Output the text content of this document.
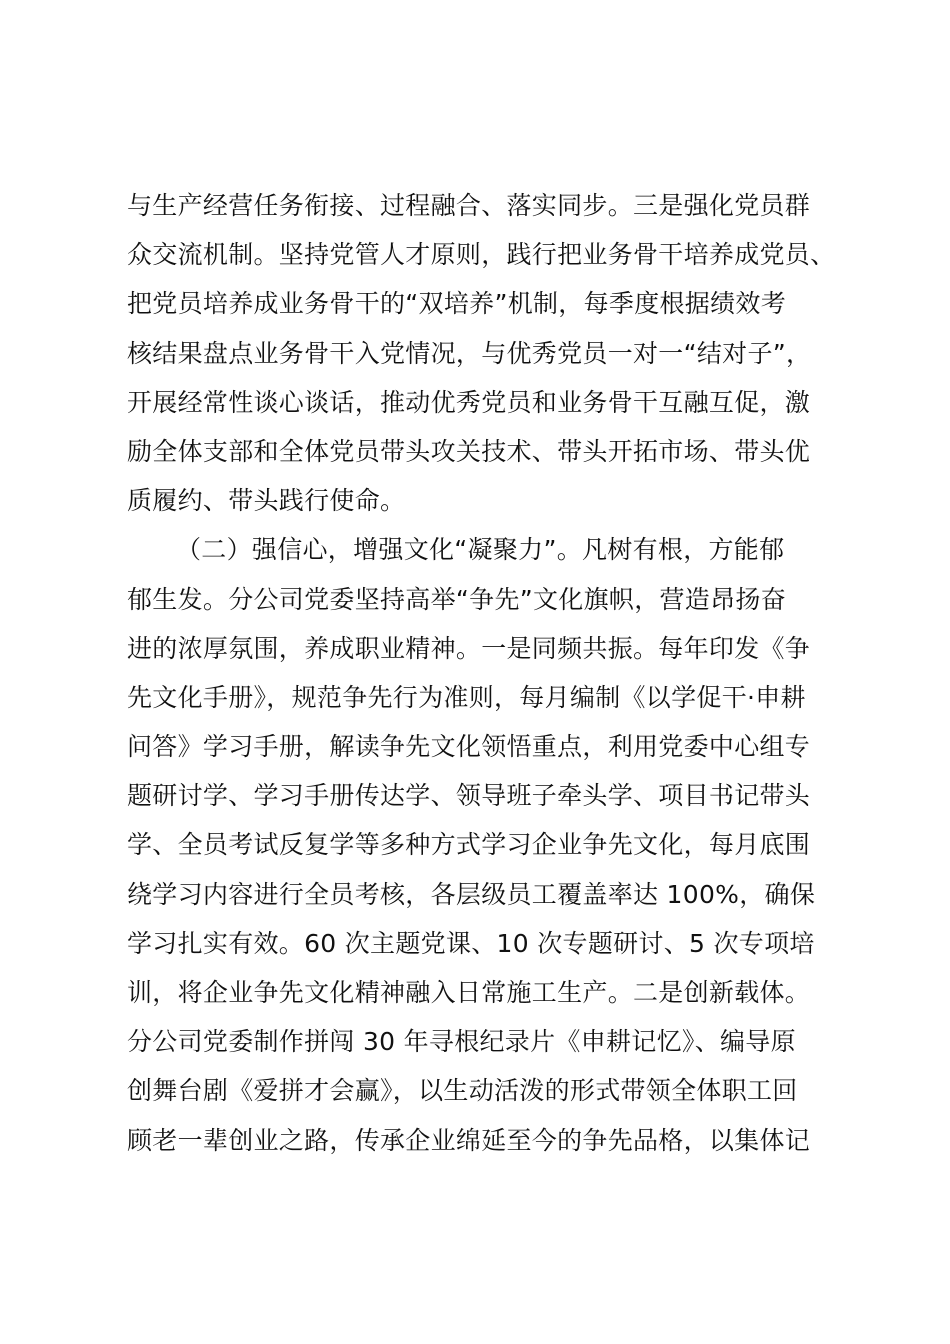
与生产经营任务衔接、过程融合、落实同步。三是强化党员群
众交流机制。坚持党管人才原则，践行把业务骨干培养成党员、
把党员培养成业务骨干的“双培养”机制，每季度根据绩效考
核结果盘点业务骨干入党情况，与优秀党员一对一“结对子”，
开展经常性谈心谈话，推动优秀党员和业务骨干互融互促，激
励全体支部和全体党员带头攻关技术、带头开拓市场、带头优
质履约、带头践行使命。
（二）强信心，增强文化“凝聚力”。凡树有根，方能郁
郁生发。分公司党委坚持高举“争先”文化旗帜，营造昂扬奋
进的浓厚氛围，养成职业精神。一是同频共振。每年印发《争
先文化手册》，规范争先行为准则，每月编制《以学促干·申耕
问答》学习手册，解读争先文化领悟重点，利用党委中心组专
题研讨学、学习手册传达学、领导班子牵头学、项目书记带头
学、全员考试反复学等多种方式学习企业争先文化，每月底围
绕学习内容进行全员考核，各层级员工覆盖率达 100%，确保
学习扎实有效。60 次主题党课、10 次专题研讨、5 次专项培
训，将企业争先文化精神融入日常施工生产。二是创新载体。
分公司党委制作拼闯 30 年寻根纪录片《申耕记忆》、编导原
创舞台剧《爱拼才会赢》，以生动活泼的形式带领全体职工回
顾老一辈创业之路，传承企业绵延至今的争先品格，以集体记
